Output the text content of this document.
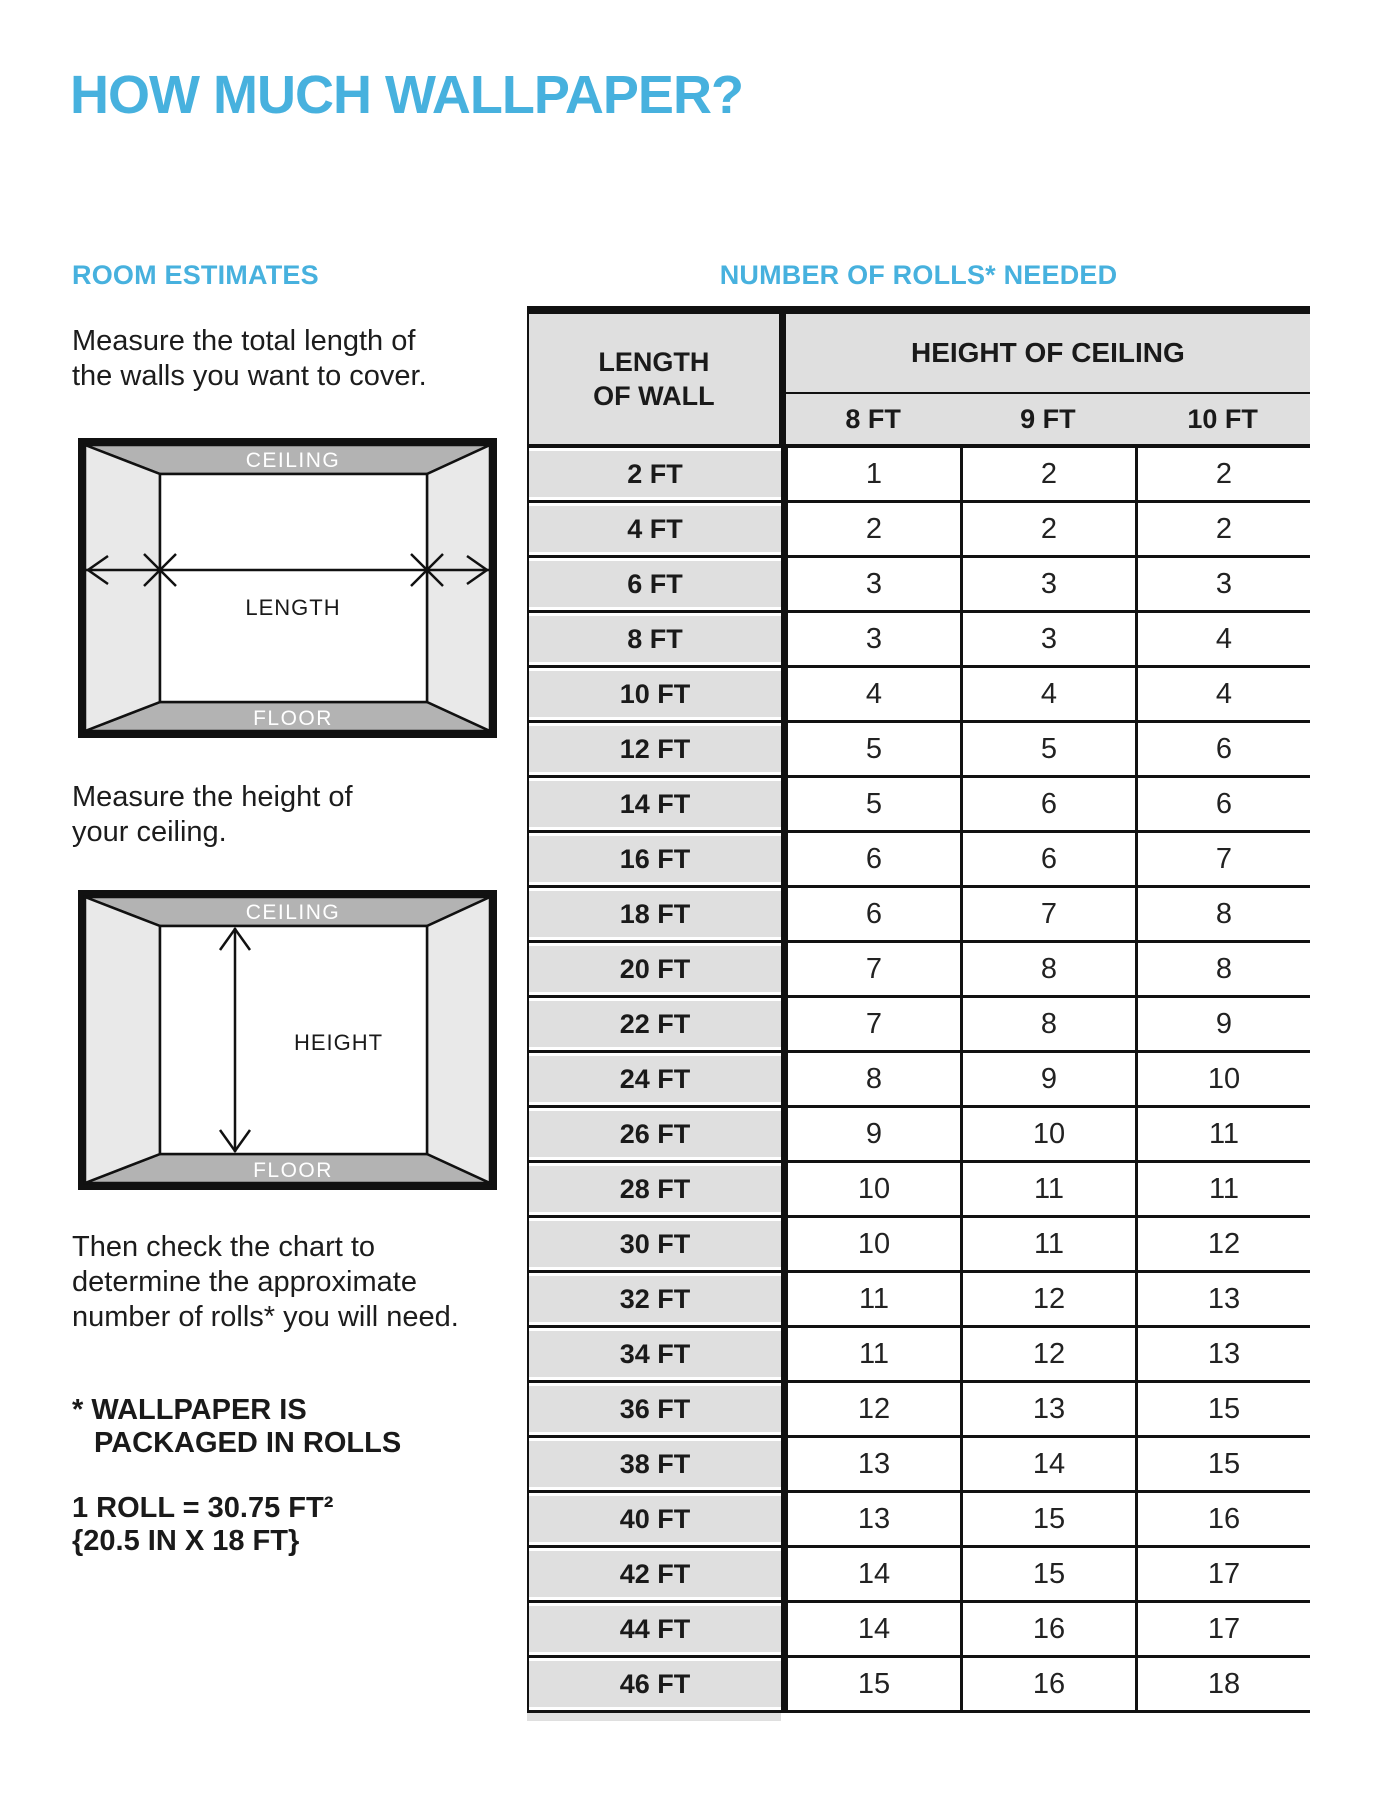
HOW MUCH WALLPAPER?
ROOM ESTIMATES
Measure the total length of
the walls you want to cover.
CEILING
FLOOR
LENGTH
Measure the height of
your ceiling.
CEILING
FLOOR
HEIGHT
Then check the chart to
determine the approximate
number of rolls* you will need.
* WALLPAPER IS
PACKAGED IN ROLLS
1 ROLL = 30.75 FT²
{20.5 IN X 18 FT}
NUMBER OF ROLLS* NEEDED
LENGTH
OF WALL
HEIGHT OF CEILING
8 FT	9 FT	10 FT
2 FT	1	2	2
4 FT	2	2	2
6 FT	3	3	3
8 FT	3	3	4
10 FT	4	4	4
12 FT	5	5	6
14 FT	5	6	6
16 FT	6	6	7
18 FT	6	7	8
20 FT	7	8	8
22 FT	7	8	9
24 FT	8	9	10
26 FT	9	10	11
28 FT	10	11	11
30 FT	10	11	12
32 FT	11	12	13
34 FT	11	12	13
36 FT	12	13	15
38 FT	13	14	15
40 FT	13	15	16
42 FT	14	15	17
44 FT	14	16	17
46 FT	15	16	18
